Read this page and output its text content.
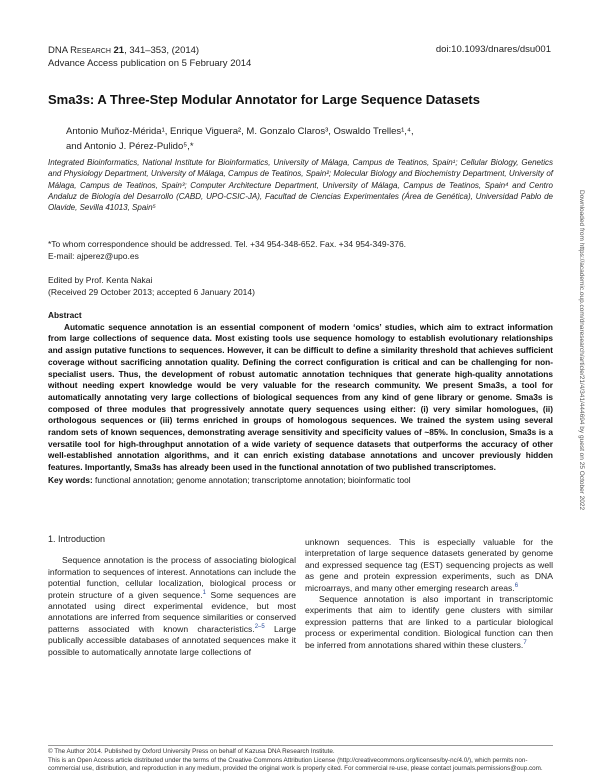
DNA Research 21, 341–353, (2014)
Advance Access publication on 5 February 2014
doi:10.1093/dnares/dsu001
Sma3s: A Three-Step Modular Annotator for Large Sequence Datasets
Antonio Muñoz-Mérida¹, Enrique Viguera², M. Gonzalo Claros³, Oswaldo Trelles¹,⁴,
and Antonio J. Pérez-Pulido⁵,*
Integrated Bioinformatics, National Institute for Bioinformatics, University of Málaga, Campus de Teatinos, Spain¹; Cellular Biology, Genetics and Physiology Department, University of Málaga, Campus de Teatinos, Spain²; Molecular Biology and Biochemistry Department, University of Málaga, Campus de Teatinos, Spain³; Computer Architecture Department, University of Málaga, Campus de Teatinos, Spain⁴ and Centro Andaluz de Biología del Desarrollo (CABD, UPO-CSIC-JA), Facultad de Ciencias Experimentales (Área de Genética), Universidad Pablo de Olavide, Sevilla 41013, Spain⁵
*To whom correspondence should be addressed. Tel. +34 954-348-652. Fax. +34 954-349-376.
E-mail: ajperez@upo.es
Edited by Prof. Kenta Nakai
(Received 29 October 2013; accepted 6 January 2014)
Abstract
Automatic sequence annotation is an essential component of modern ‘omics’ studies, which aim to extract information from large collections of sequence data. Most existing tools use sequence homology to establish evolutionary relationships and assign putative functions to sequences. However, it can be difficult to define a similarity threshold that achieves sufficient coverage without sacrificing annotation quality. Defining the correct configuration is critical and can be challenging for non-specialist users. Thus, the development of robust automatic annotation techniques that generate high-quality annotations without needing expert knowledge would be very valuable for the research community. We present Sma3s, a tool for automatically annotating very large collections of biological sequences from any kind of gene library or genome. Sma3s is composed of three modules that progressively annotate query sequences using either: (i) very similar homologues, (ii) orthologous sequences or (iii) terms enriched in groups of homologous sequences. We trained the system using several random sets of known sequences, demonstrating average sensitivity and specificity values of ~85%. In conclusion, Sma3s is a versatile tool for high-throughput annotation of a wide variety of sequence datasets that outperforms the accuracy of other well-established annotation algorithms, and it can enrich existing database annotations and uncover previously hidden features. Importantly, Sma3s has already been used in the functional annotation of two published transcriptomes.
Key words: functional annotation; genome annotation; transcriptome annotation; bioinformatic tool
1. Introduction
Sequence annotation is the process of associating biological information to sequences of interest. Annotations can include the potential function, cellular localization, biological process or protein structure of a given sequence.$^1$ Some sequences are annotated using direct experimental evidence, but most annotations are inferred from sequence similarities or conserved patterns associated with known characteristics.$^{2-5}$ Large publically accessible databases of annotated sequences make it possible to automatically annotate large collections of
unknown sequences. This is especially valuable for the interpretation of large sequence datasets generated by genome and expressed sequence tag (EST) sequencing projects as well as gene and protein expression experiments, such as DNA microarrays, and many other emerging research areas.$^6$
Sequence annotation is also important in transcriptomic experiments that aim to identify gene clusters with similar expression patterns that are linked to a particular biological process or experimental condition. Biological function can then be inferred from annotations shared within these clusters.$^7$
© The Author 2014. Published by Oxford University Press on behalf of Kazusa DNA Research Institute.
This is an Open Access article distributed under the terms of the Creative Commons Attribution License (http://creativecommons.org/licenses/by-nc/4.0/), which permits non-commercial use, distribution, and reproduction in any medium, provided the original work is properly cited. For commercial re-use, please contact journals.permissions@oup.com.
Downloaded from https://academic.oup.com/dnaresearch/article/21/4/341/444694 by guest on 25 October 2022
